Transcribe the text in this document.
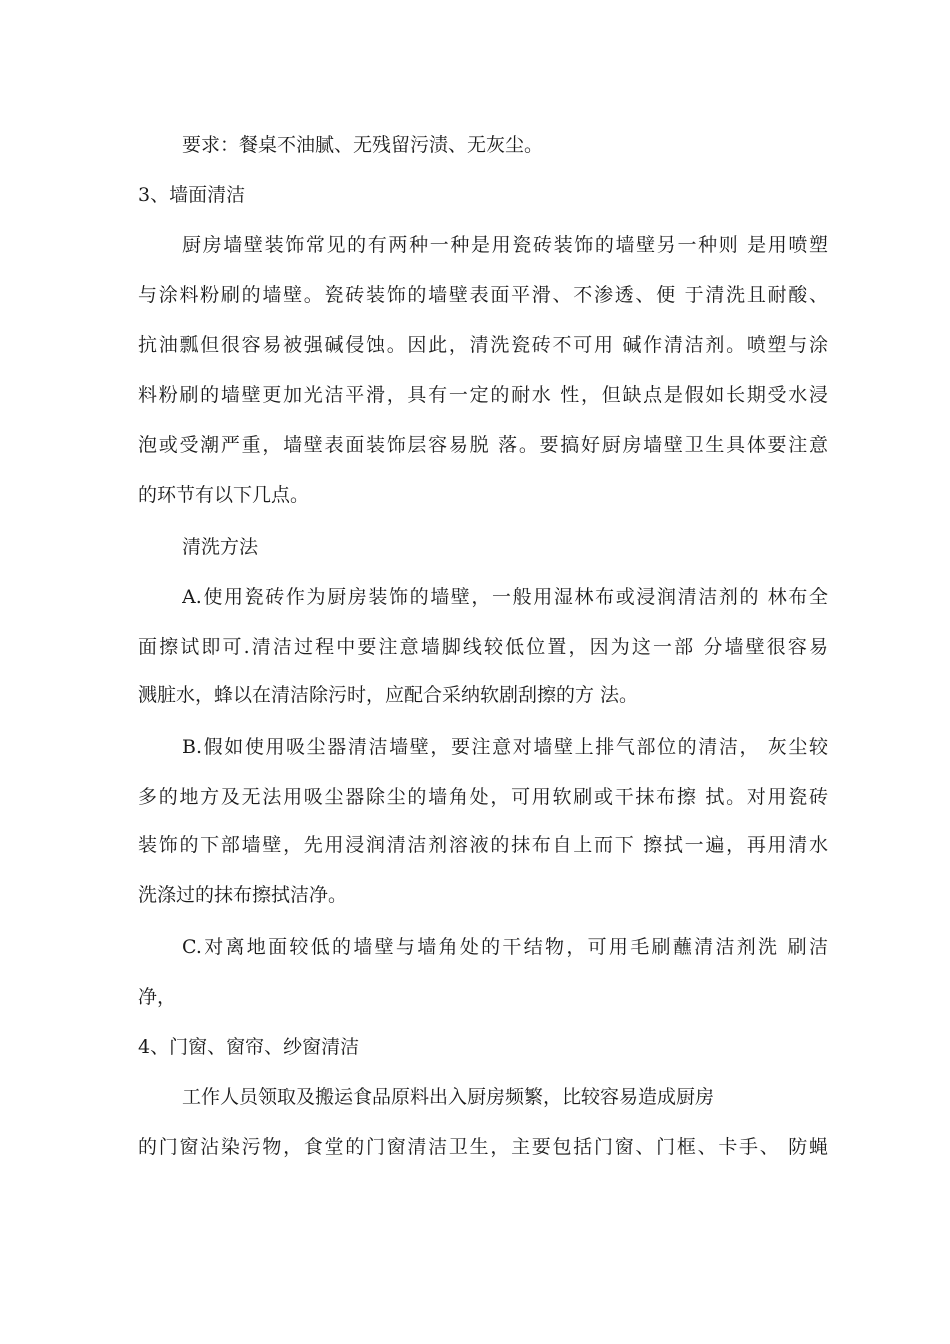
要求：餐桌不油腻、无残留污渍、无灰尘。
3、墙面清洁
厨房墙壁装饰常见的有两种一种是用瓷砖装饰的墙壁另一种则 是用喷塑
与涂料粉刷的墙壁。瓷砖装饰的墙壁表面平滑、不渗透、便 于清洗且耐酸、
抗油瓢但很容易被强碱侵蚀。因此，清洗瓷砖不可用 碱作清洁剂。喷塑与涂
料粉刷的墙壁更加光洁平滑，具有一定的耐水 性，但缺点是假如长期受水浸
泡或受潮严重，墙壁表面装饰层容易脱 落。要搞好厨房墙壁卫生具体要注意
的环节有以下几点。
清洗方法
A.使用瓷砖作为厨房装饰的墙壁，一般用湿林布或浸润清洁剂的 林布全
面擦试即可.清洁过程中要注意墙脚线较低位置，因为这一部 分墙壁很容易
溅脏水，蜂以在清洁除污时，应配合采纳软剧刮擦的方 法。
B.假如使用吸尘器清洁墙壁，要注意对墙壁上排气部位的清洁， 灰尘较
多的地方及无法用吸尘器除尘的墙角处，可用软刷或干抹布擦 拭。对用瓷砖
装饰的下部墙壁，先用浸润清洁剂溶液的抹布自上而下 擦拭一遍，再用清水
洗涤过的抹布擦拭洁净。
C.对离地面较低的墙壁与墙角处的干结物，可用毛刷蘸清洁剂洗 刷洁
净，
4、门窗、窗帘、纱窗清洁
工作人员领取及搬运食品原料出入厨房频繁，比较容易造成厨房
的门窗沾染污物，食堂的门窗清洁卫生，主要包括门窗、门框、卡手、 防蝇
